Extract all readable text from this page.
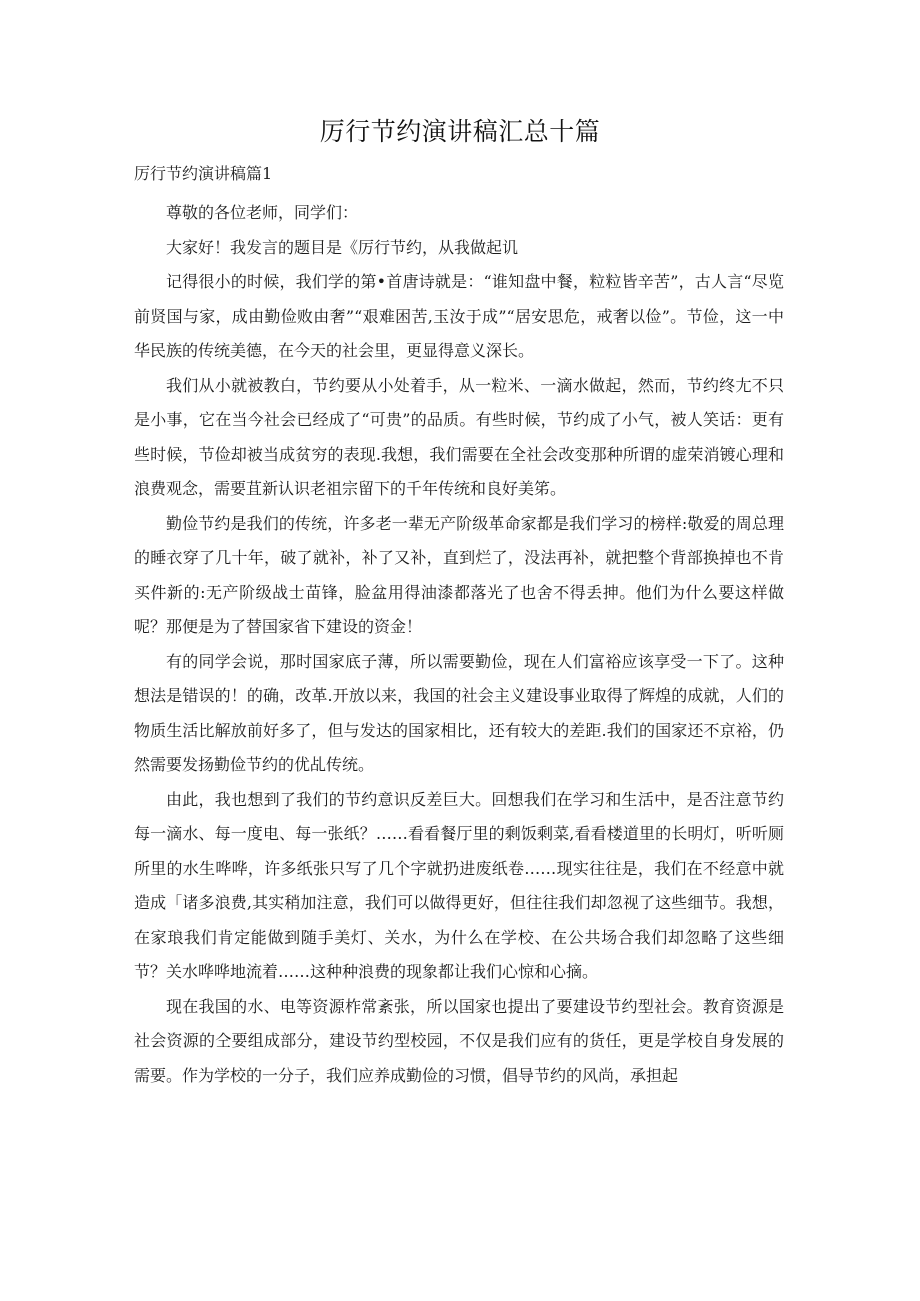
厉行节约演讲稿汇总十篇
厉行节约演讲稿篇1

尊敬的各位老师，同学们：

大家好！我发言的题目是《厉行节约，从我做起讥

记得很小的时候，我们学的第•首唐诗就是：“谁知盘中餐，粒粒皆辛苦”，古人言“尽览前贤国与家，成由勤俭败由奢”“艰难困苦,玉汝于成”“居安思危，戒奢以俭”。节俭，这一中华民族的传统美德，在今天的社会里，更显得意义深长。

我们从小就被教白，节约要从小处着手，从一粒米、一滴水做起，然而，节约终尢不只是小事，它在当今社会已经成了“可贵”的品质。有些时候，节约成了小气，被人笑话：更有些时候，节俭却被当成贫穷的表现.我想，我们需要在全社会改变那种所谓的虚荣消镀心理和浪费观念，需要苴新认识老祖宗留下的千年传统和良好美笫。

勤俭节约是我们的传统，许多老一辈无产阶级革命家都是我们学习的榜样:敬爱的周总理的睡衣穿了几十年，破了就补，补了又补，直到烂了，没法再补，就把整个背部换掉也不肯买件新的:无产阶级战士苗锋，脸盆用得油漆都落光了也舍不得丢抻。他们为什么要这样做呢？那便是为了替国家省下建设的资金！

有的同学会说，那时国家底子薄，所以需要勤俭，现在人们富裕应该享受一下了。这种想法是错误的！的确，改革.开放以来，我国的社会主义建设事业取得了辉煌的成就，人们的物质生活比解放前好多了，但与发达的国家相比，还有较大的差距.我们的国家还不京裕，仍然需要发扬勤俭节约的优乩传统。

由此，我也想到了我们的节约意识反差巨大。回想我们在学习和生活中，是否注意节约每一滴水、每一度电、每一张纸？……看看餐厅里的剩饭剩菜,看看楼道里的长明灯，听听厕所里的水生哗哗，许多纸张只写了几个字就扔进废纸卷……现实往往是，我们在不经意中就造成「诸多浪费,其实稍加注意，我们可以做得更好，但往往我们却忽视了这些细节。我想，在家琅我们肯定能做到随手美灯、关水，为什么在学校、在公共场合我们却忽略了这些细节？关水哗哗地流着……这种种浪费的现象都让我们心惊和心摘。

现在我国的水、电等资源柞常紊张，所以国家也提出了要建设节约型社会。教育资源是社会资源的仝要组成部分，建设节约型校园，不仅是我们应有的货任，更是学校自身发展的需要。作为学校的一分子，我们应养成勤俭的习惯，倡导节约的风尚，承担起
